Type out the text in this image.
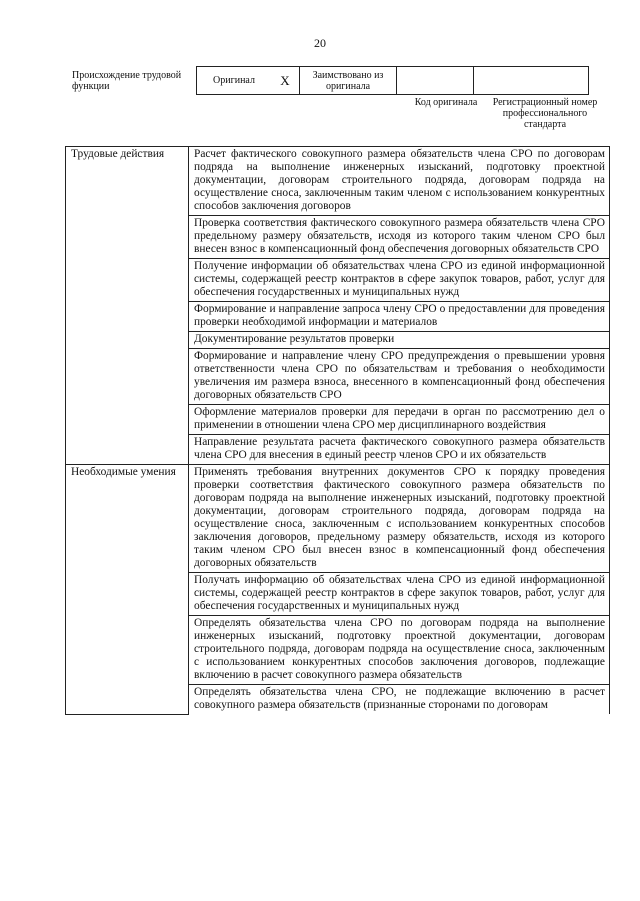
20
Происхождение трудовой функции
Оригинал	X	Заимствовано из оригинала		
Код оригинала	Регистрационный номер профессионального стандарта
Трудовые действия	Расчет фактического совокупного размера обязательств члена СРО по договорам подряда на выполнение инженерных изысканий, подготовку проектной документации, договорам строительного подряда, договорам подряда на осуществление сноса, заключенным таким членом с использованием конкурентных способов заключения договоров
	Проверка соответствия фактического совокупного размера обязательств члена СРО предельному размеру обязательств, исходя из которого таким членом СРО был внесен взнос в компенсационный фонд обеспечения договорных обязательств СРО
	Получение информации об обязательствах члена СРО из единой информационной системы, содержащей реестр контрактов в сфере закупок товаров, работ, услуг для обеспечения государственных и муниципальных нужд
	Формирование и направление запроса члену СРО о предоставлении для проведения проверки необходимой информации и материалов
	Документирование результатов проверки
	Формирование и направление члену СРО предупреждения о превышении уровня ответственности члена СРО по обязательствам и требования о необходимости увеличения им размера взноса, внесенного в компенсационный фонд обеспечения договорных обязательств СРО
	Оформление материалов проверки для передачи в орган по рассмотрению дел о применении в отношении члена СРО мер дисциплинарного воздействия
	Направление результата расчета фактического совокупного размера обязательств члена СРО для внесения в единый реестр членов СРО и их обязательств
Необходимые умения	Применять требования внутренних документов СРО к порядку проведения проверки соответствия фактического совокупного размера обязательств по договорам подряда на выполнение инженерных изысканий, подготовку проектной документации, договорам строительного подряда, договорам подряда на осуществление сноса, заключенным с использованием конкурентных способов заключения договоров, предельному размеру обязательств, исходя из которого таким членом СРО был внесен взнос в компенсационный фонд обеспечения договорных обязательств
	Получать информацию об обязательствах члена СРО из единой информационной системы, содержащей реестр контрактов в сфере закупок товаров, работ, услуг для обеспечения государственных и муниципальных нужд
	Определять обязательства члена СРО по договорам подряда на выполнение инженерных изысканий, подготовку проектной документации, договорам строительного подряда, договорам подряда на осуществление сноса, заключенным с использованием конкурентных способов заключения договоров, подлежащие включению в расчет совокупного размера обязательств
	Определять обязательства члена СРО, не подлежащие включению в расчет совокупного размера обязательств (признанные сторонами по договорам
